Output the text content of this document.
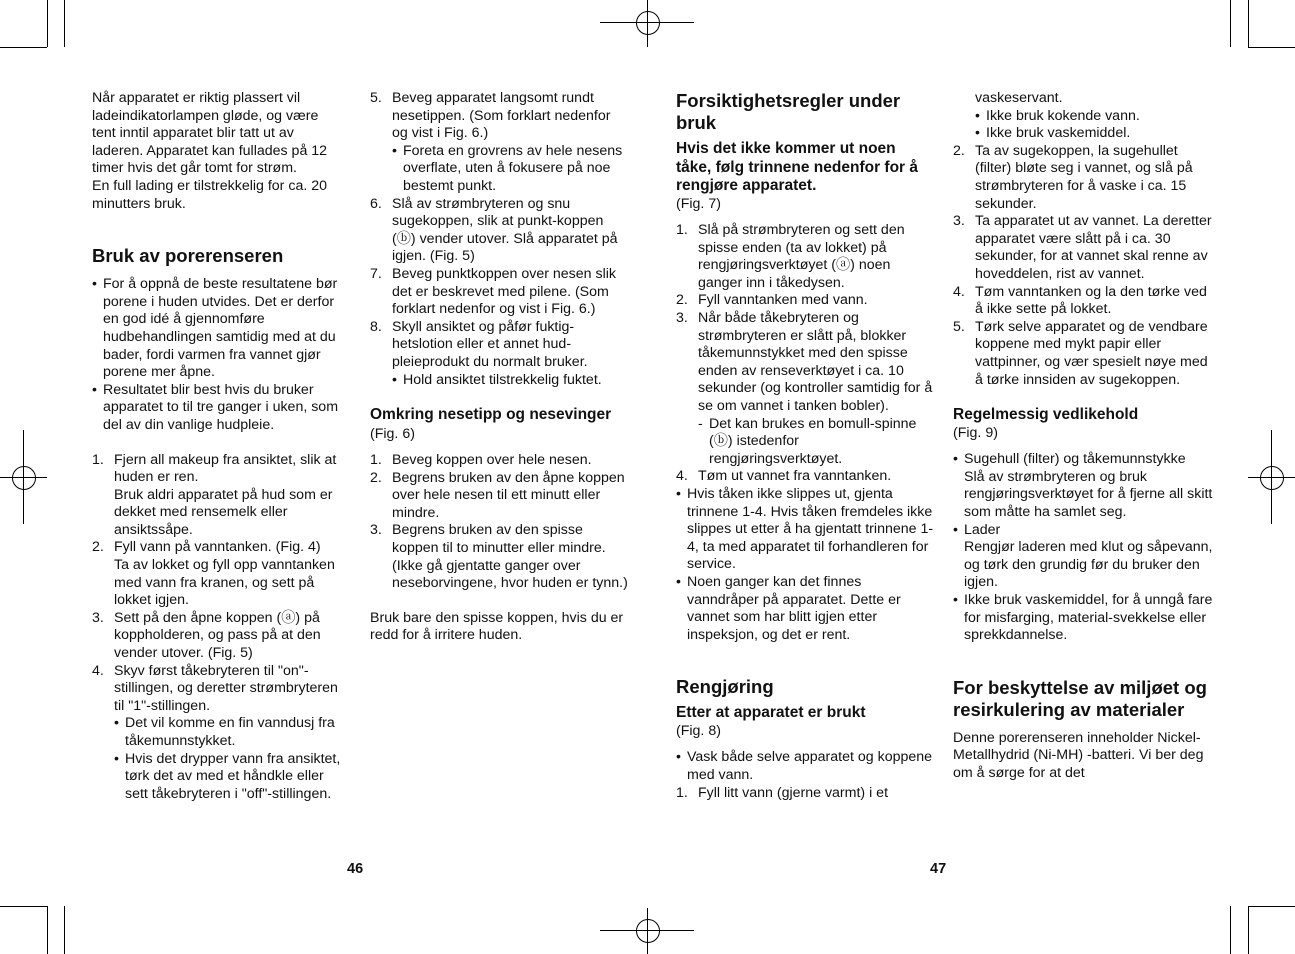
Når apparatet er riktig plassert vil ladeindikatorlampen gløde, og være tent inntil apparatet blir tatt ut av laderen. Apparatet kan fullades på 12 timer hvis det går tomt for strøm.

En full lading er tilstrekkelig for ca. 20 minutters bruk.

Bruk av porerenseren
• For å oppnå de beste resultatene bør porene i huden utvides. Det er derfor en god idé å gjennomføre hudbehandlingen samtidig med at du bader, fordi varmen fra vannet gjør porene mer åpne.
• Resultatet blir best hvis du bruker apparatet to til tre ganger i uken, som del av din vanlige hudpleie.
1. Fjern all makeup fra ansiktet, slik at huden er ren.
Bruk aldri apparatet på hud som er dekket med rensemelk eller ansiktssåpe.
2. Fyll vann på vanntanken. (Fig. 4)
Ta av lokket og fyll opp vanntanken med vann fra kranen, og sett på lokket igjen.
3. Sett på den åpne koppen (ⓐ) på koppholderen, og pass på at den vender utover. (Fig. 5)
4. Skyv først tåkebryteren til "on"-stillingen, og deretter strømbryteren til "1"-stillingen.
• Det vil komme en fin vanndusj fra tåkemunnstykket.
• Hvis det drypper vann fra ansiktet, tørk det av med et håndkle eller sett tåkebryteren i "off"-stillingen.
5. Beveg apparatet langsomt rundt nesetippen. (Som forklart nedenfor og vist i Fig. 6.)
• Foreta en grovrens av hele nesens overflate, uten å fokusere på noe bestemt punkt.
6. Slå av strømbryteren og snu sugekoppen, slik at punkt-koppen (ⓑ) vender utover. Slå apparatet på igjen. (Fig. 5)
7. Beveg punktkoppen over nesen slik det er beskrevet med pilene. (Som forklart nedenfor og vist i Fig. 6.)
8. Skyll ansiktet og påfør fuktig-hetslotion eller et annet hud-pleieprodukt du normalt bruker.
• Hold ansiktet tilstrekkelig fuktet.
Omkring nesetipp og nesevinger (Fig. 6)
1. Beveg koppen over hele nesen.
2. Begrens bruken av den åpne koppen over hele nesen til ett minutt eller mindre.
3. Begrens bruken av den spisse koppen til to minutter eller mindre. (Ikke gå gjentatte ganger over neseborvingene, hvor huden er tynn.)

Bruk bare den spisse koppen, hvis du er redd for å irritere huden.

Forsiktighetsregler under bruk
Hvis det ikke kommer ut noen tåke, følg trinnene nedenfor for å rengjøre apparatet.

(Fig. 7)

1. Slå på strømbryteren og sett den spisse enden (ta av lokket) på rengjøringsverktøyet (ⓐ) noen ganger inn i tåkedysen.
2. Fyll vanntanken med vann.
3. Når både tåkebryteren og strømbryteren er slått på, blokker tåkemunnstykket med den spisse enden av renseverktøyet i ca. 10 sekunder (og kontroller samtidig for å se om vannet i tanken bobler).
- Det kan brukes en bomull-spinne (ⓑ) istedenfor rengjøringsverktøyet.
4. Tøm ut vannet fra vanntanken.
• Hvis tåken ikke slippes ut, gjenta trinnene 1-4. Hvis tåken fremdeles ikke slippes ut etter å ha gjentatt trinnene 1-4, ta med apparatet til forhandleren for service.
• Noen ganger kan det finnes vanndråper på apparatet. Dette er vannet som har blitt igjen etter inspeksjon, og det er rent.
Rengjøring
Etter at apparatet er brukt

(Fig. 8)

• Vask både selve apparatet og koppene med vann.
1. Fyll litt vann (gjerne varmt) i et

vaskeservant.

• Ikke bruk kokende vann.
• Ikke bruk vaskemiddel.
2. Ta av sugekoppen, la sugehullet (filter) bløte seg i vannet, og slå på strømbryteren for å vaske i ca. 15 sekunder.
3. Ta apparatet ut av vannet. La deretter apparatet være slått på i ca. 30 sekunder, for at vannet skal renne av hoveddelen, rist av vannet.
4. Tøm vanntanken og la den tørke ved å ikke sette på lokket.
5. Tørk selve apparatet og de vendbare koppene med mykt papir eller vattpinner, og vær spesielt nøye med å tørke innsiden av sugekoppen.
Regelmessig vedlikehold

(Fig. 9)

• Sugehull (filter) og tåkemunnstykke
Slå av strømbryteren og bruk rengjøringsverktøyet for å fjerne all skitt som måtte ha samlet seg.
• Lader
Rengjør laderen med klut og såpevann, og tørk den grundig før du bruker den igjen.
• Ikke bruk vaskemiddel, for å unngå fare for misfarging, material-svekkelse eller sprekkdannelse.
For beskyttelse av miljøet og resirkulering av materialer

Denne porerenseren inneholder Nickel-Metallhydrid (Ni-MH) -batteri. Vi ber deg om å sørge for at det

46	47
